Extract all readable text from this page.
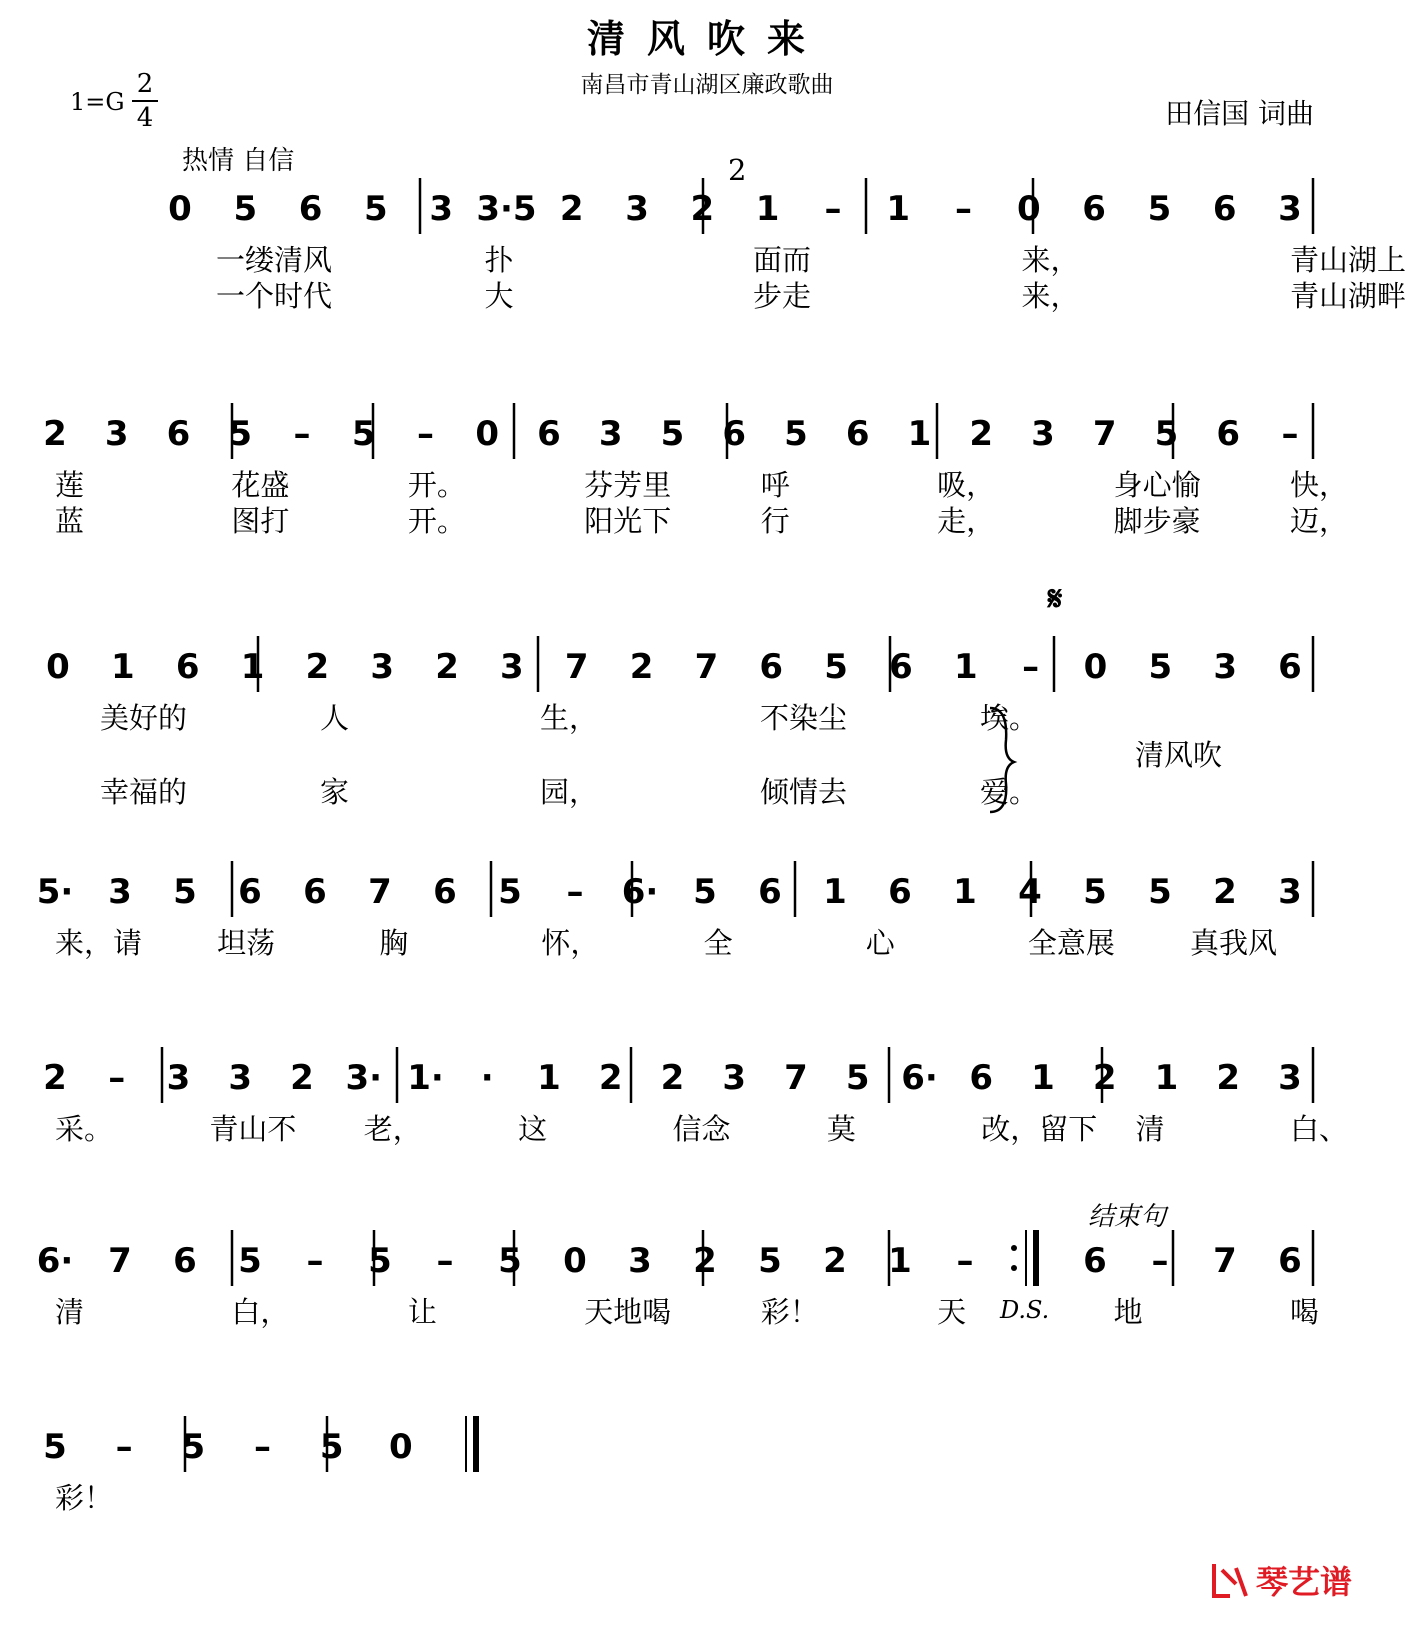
清风吹来
南昌市青山湖区廉政歌曲
1=G
2
4	田信国 词曲
热情 自信
结束句
0 5 6 5 3 3·5 2 3 2 1 – 1 – 0 6 5 6 3
一缕清风	扑	面而	来，	青山湖上
一个时代	大	步走	来，	青山湖畔
2 3 6 5 – 5 – 0 6 3 5 6 5 6 1 2 3 7 5 6 –
莲	花盛	开。	芬芳里	呼	吸，	身心愉	快，
蓝	图打	开。	阳光下	行	走，	脚步豪	迈，
0 1 6 1 2 3 2 3 7 2 7 6 5 6 1 – 0 5 3 6
美好的	人	生，	不染尘	埃。
幸福的	家	园，	倾情去	爱。
清风吹
5· 3 5 6 6 7 6 5 – 6· 5 6 1 6 1 4 5 5 2 3
来，请	坦荡	胸	怀，	全	心	全意展	真我风
2 – 3 3 2 3· 1· · 1 2 2 3 7 5 6· 6 1 2 1 2 3
采。	青山不 老，	这	信念	莫	改，留下 清	白、
6· 7 6 5 – 5 – 5 0 3 2 5 2 1 –	6 – 7 6
清	白，	让	天地喝	彩！	天	地	喝
5 – 5 – 5 0
彩！
𝄋
D.S.
2
琴艺谱
